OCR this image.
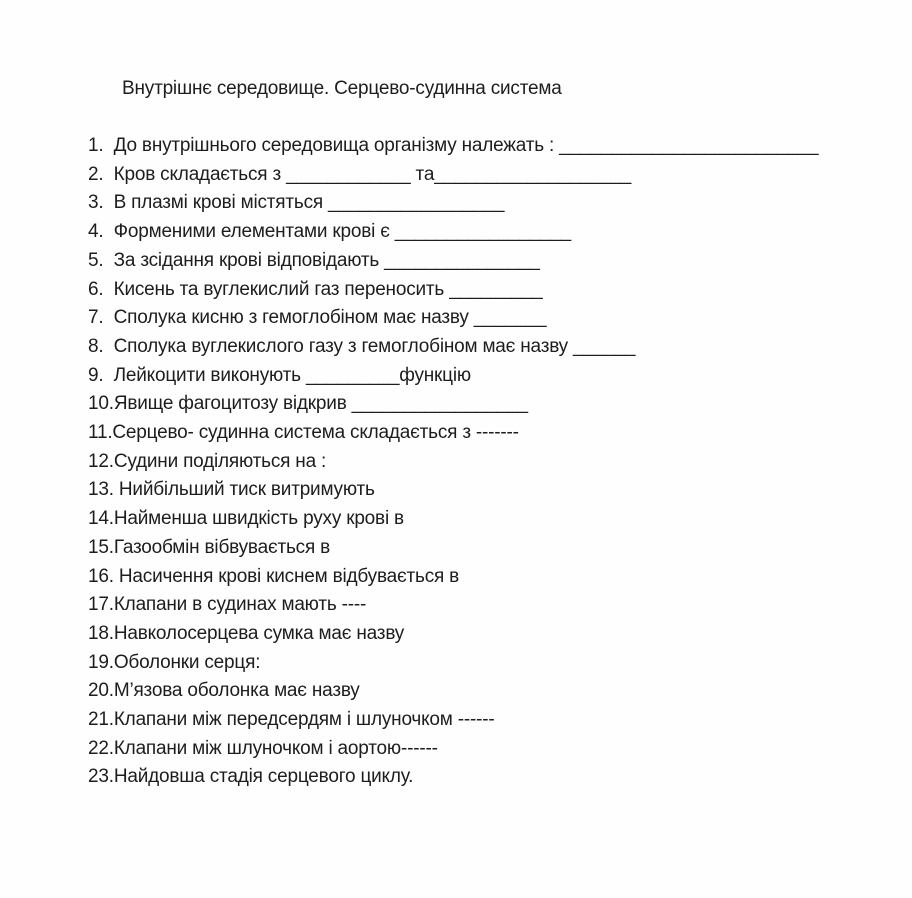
Внутрішнє середовище. Серцево-судинна система
1.  До внутрішнього середовища організму належать : _________________________
2.  Кров складається з ____________ та___________________
3.  В плазмі крові містяться _________________
4.  Форменими елементами крові є _________________
5.  За зсідання крові відповідають _______________
6.  Кисень та вуглекислий газ переносить _________
7.  Сполука кисню з гемоглобіном має назву _______
8.  Сполука вуглекислого газу з гемоглобіном має назву ______
9.  Лейкоцити виконують _________функцію
10.Явище фагоцитозу відкрив _________________
11.Серцево- судинна система складається з -------
12.Судини поділяються на :
13. Нийбільший тиск витримують
14.Найменша швидкість руху крові в
15.Газообмін вібвувається в
16. Насичення крові киснем відбувається в
17.Клапани в судинах мають ----
18.Навколосерцева сумка має назву
19.Оболонки серця:
20.М’язова оболонка має назву
21.Клапани між передсердям і шлуночком ------
22.Клапани між шлуночком і аортою------
23.Найдовша стадія серцевого циклу.
